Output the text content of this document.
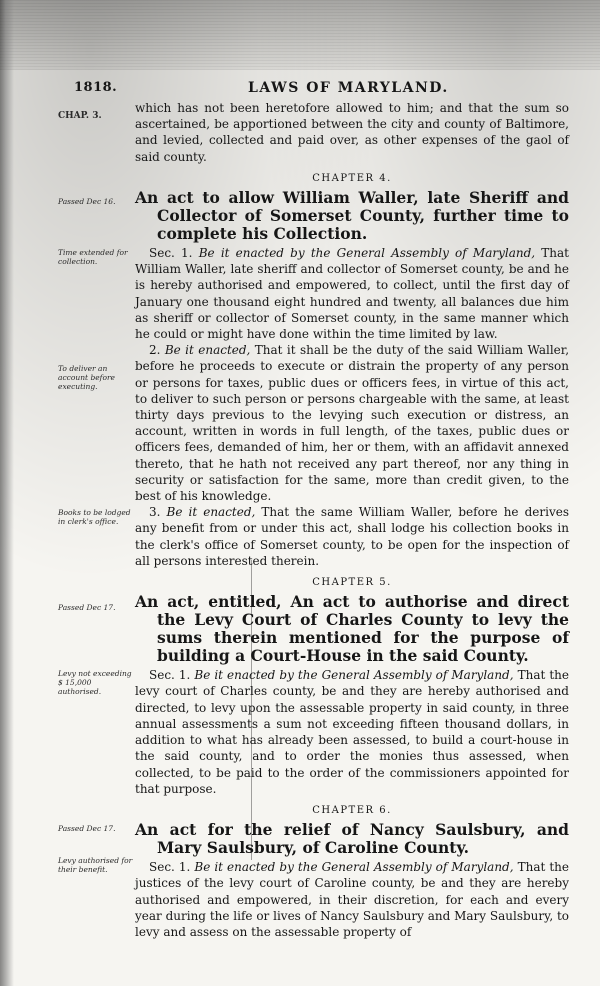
1818.	LAWS OF MARYLAND.
CHAP. 3.
Passed Dec 16.
Time extended for collection.
To deliver an account before executing.
Books to be lodged in clerk's office.
Passed Dec 17.
Levy not exceeding $ 15,000 authorised.
Passed Dec 17.
Levy authorised for their benefit.

which has not been heretofore allowed to him; and that the sum so ascertained, be apportioned between the city and county of Baltimore, and levied, collected and paid over, as other expenses of the gaol of said county.

CHAPTER 4.
An act to allow William Waller, late Sheriff and Collector of Somerset County, further time to complete his Collection.

Sec. 1. Be it enacted by the General Assembly of Maryland, That William Waller, late sheriff and collector of Somerset county, be and he is hereby authorised and empowered, to collect, until the first day of January one thousand eight hundred and twenty, all balances due him as sheriff or collector of Somerset county, in the same manner which he could or might have done within the time limited by law.

2. Be it enacted, That it shall be the duty of the said William Waller, before he proceeds to execute or distrain the property of any person or persons for taxes, public dues or officers fees, in virtue of this act, to deliver to such person or persons chargeable with the same, at least thirty days previous to the levying such execution or distress, an account, written in words in full length, of the taxes, public dues or officers fees, demanded of him, her or them, with an affidavit annexed thereto, that he hath not received any part thereof, nor any thing in security or satisfaction for the same, more than credit given, to the best of his knowledge.

3. Be it enacted, That the same William Waller, before he derives any benefit from or under this act, shall lodge his collection books in the clerk's office of Somerset county, to be open for the inspection of all persons interested therein.

CHAPTER 5.
An act, entitled, An act to authorise and direct the Levy Court of Charles County to levy the sums therein mentioned for the purpose of building a Court-House in the said County.

Sec. 1. Be it enacted by the General Assembly of Maryland, That the levy court of Charles county, be and they are hereby authorised and directed, to levy upon the assessable property in said county, in three annual assessments a sum not exceeding fifteen thousand dollars, in addition to what has already been assessed, to build a court-house in the said county, and to order the monies thus assessed, when collected, to be paid to the order of the commissioners appointed for that purpose.

CHAPTER 6.
An act for the relief of Nancy Saulsbury, and Mary Saulsbury, of Caroline County.

Sec. 1. Be it enacted by the General Assembly of Maryland, That the justices of the levy court of Caroline county, be and they are hereby authorised and empowered, in their discretion, for each and every year during the life or lives of Nancy Saulsbury and Mary Saulsbury, to levy and assess on the assessable property of
